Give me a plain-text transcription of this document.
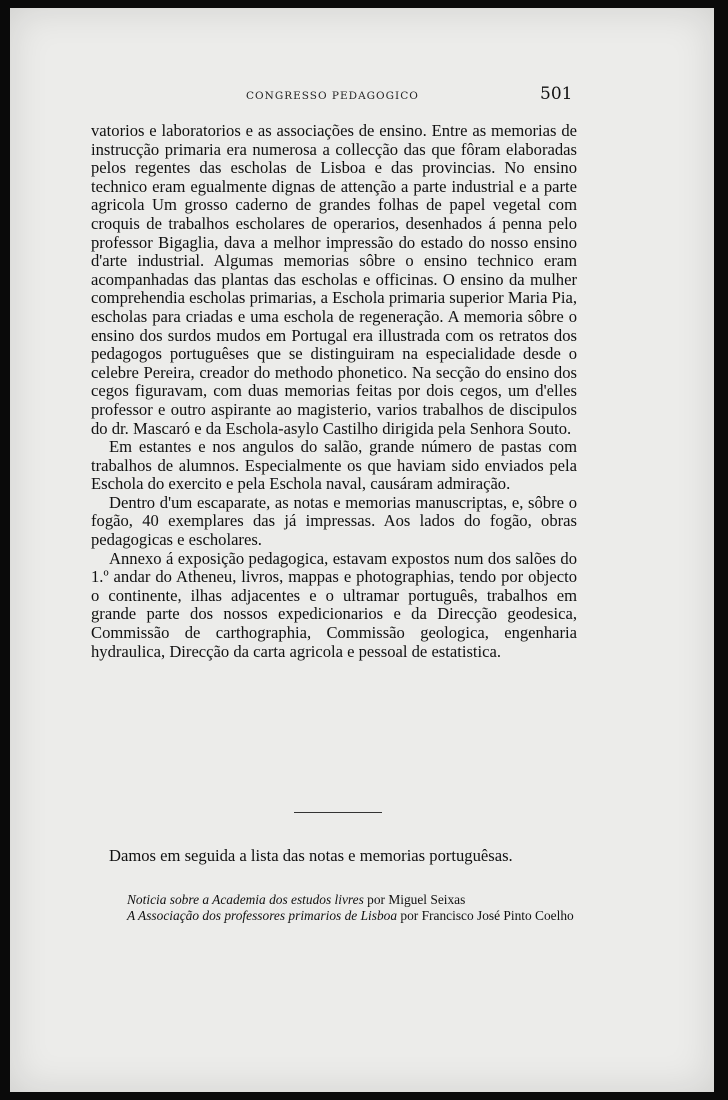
CONGRESSO PEDAGOGICO	501

vatorios e laboratorios e as associações de ensino. Entre as memorias de instrucção primaria era numerosa a collecção das que fôram elaboradas pelos regentes das escholas de Lisboa e das provincias. No ensino technico eram egualmente dignas de attenção a parte industrial e a parte agricola Um grosso caderno de grandes folhas de papel vegetal com croquis de trabalhos escholares de operarios, desenhados á penna pelo professor Bigaglia, dava a melhor impressão do estado do nosso ensino d'arte industrial. Algumas memorias sôbre o ensino technico eram acompanhadas das plantas das escholas e officinas. O ensino da mulher comprehendia escholas primarias, a Eschola primaria superior Maria Pia, escholas para criadas e uma eschola de regeneração. A memoria sôbre o ensino dos surdos mudos em Portugal era illustrada com os retratos dos pedagogos portuguêses que se distinguiram na especialidade desde o celebre Pereira, creador do methodo phonetico. Na secção do ensino dos cegos figuravam, com duas memorias feitas por dois cegos, um d'elles professor e outro aspirante ao magisterio, varios trabalhos de discipulos do dr. Mascaró e da Eschola-asylo Castilho dirigida pela Senhora Souto.

Em estantes e nos angulos do salão, grande número de pastas com trabalhos de alumnos. Especialmente os que haviam sido enviados pela Eschola do exercito e pela Eschola naval, causáram admiração.

Dentro d'um escaparate, as notas e memorias manuscriptas, e, sôbre o fogão, 40 exemplares das já impressas. Aos lados do fogão, obras pedagogicas e escholares.

Annexo á exposição pedagogica, estavam expostos num dos salões do 1.º andar do Atheneu, livros, mappas e photographias, tendo por objecto o continente, ilhas adjacentes e o ultramar português, trabalhos em grande parte dos nossos expedicionarios e da Direcção geodesica, Commissão de carthographia, Commissão geologica, engenharia hydraulica, Direcção da carta agricola e pessoal de estatistica.

Damos em seguida a lista das notas e memorias portuguêsas.

Noticia sobre a Academia dos estudos livres por Miguel Seixas

A Associação dos professores primarios de Lisboa por Francisco José Pinto Coelho
